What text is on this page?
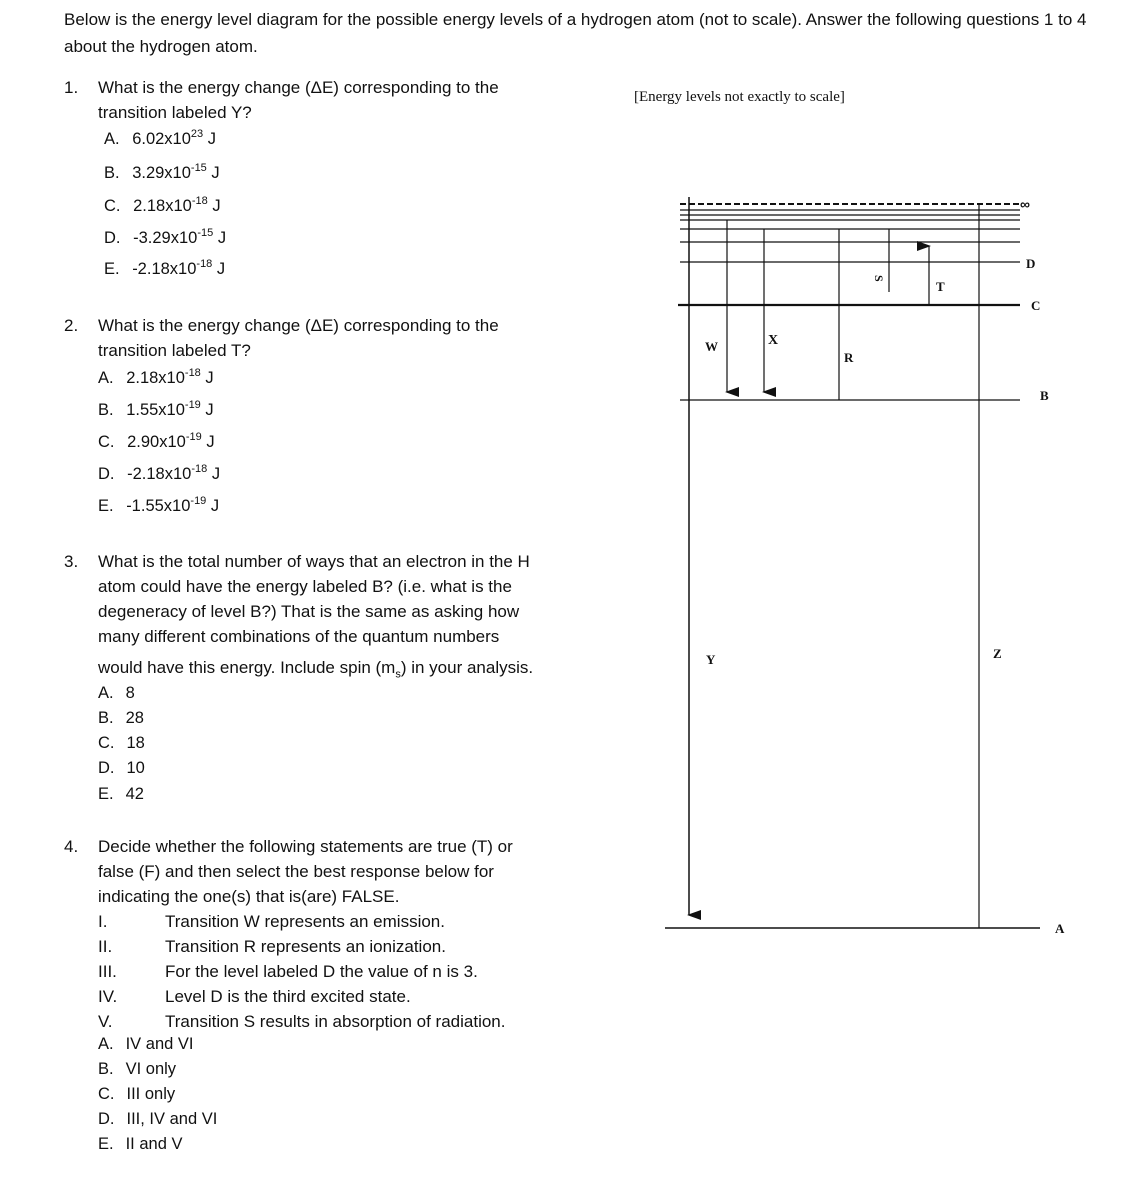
Below is the energy level diagram for the possible energy levels of a hydrogen atom (not to scale). Answer the following questions 1 to 4 about the hydrogen atom.
1. What is the energy change (ΔE) corresponding to the
transition labeled Y?
A. $6.02x10^{23}$ J
B. $3.29x10^{-15}$ J
C. $2.18x10^{-18}$ J
D. $-3.29x10^{-15}$ J
E. $-2.18x10^{-18}$ J
2. What is the energy change (ΔE) corresponding to the
transition labeled T?
A. $2.18x10^{-18}$ J
B. $1.55x10^{-19}$ J
C. $2.90x10^{-19}$ J
D. $-2.18x10^{-18}$ J
E. $-1.55x10^{-19}$ J
3. What is the total number of ways that an electron in the H
atom could have the energy labeled B? (i.e. what is the
degeneracy of level B?) That is the same as asking how
many different combinations of the quantum numbers
would have this energy. Include spin $(m_s)$ in your analysis.
A. 8
B. 28
C. 18
D. 10
E. 42
4. Decide whether the following statements are true (T) or
false (F) and then select the best response below for
indicating the one(s) that is(are) FALSE.
I.	Transition W represents an emission.
II.	Transition R represents an ionization.
III.	For the level labeled D the value of n is 3.
IV.	Level D is the third excited state.
V.	Transition S results in absorption of radiation.
A. IV and VI
B. VI only
C. III only
D. III, IV and VI
E. II and V
[Energy levels not exactly to scale]
∞
D
C
B
A
Y
W	X
R
S
T
Z
